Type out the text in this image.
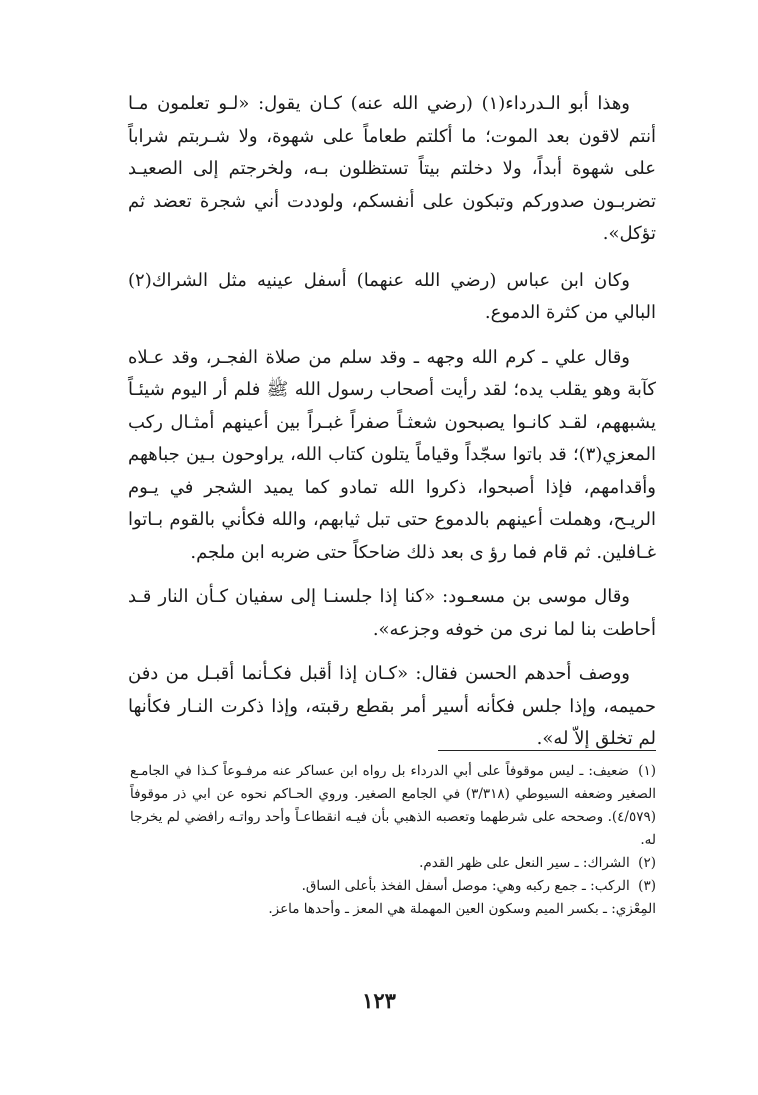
وهذا أبو الـدرداء(١) (رضي الله عنه) كـان يقول: «لـو تعلمون مـا أنتم لاقون بعد الموت؛ ما أكلتم طعاماً على شهوة، ولا شـربتم شراباً على شهوة أبداً، ولا دخلتم بيتاً تستظلون بـه، ولخرجتم إلى الصعيـد تضربـون صدوركم وتبكون على أنفسكم، ولوددت أني شجرة تعضد ثم تؤكل».

وكان ابن عباس (رضي الله عنهما) أسفل عينيه مثل الشراك(٢) البالي من كثرة الدموع.

وقال علي ـ كرم الله وجهه ـ وقد سلم من صلاة الفجـر، وقد عـلاه كآبة وهو يقلب يده؛ لقد رأيت أصحاب رسول الله ﷺ فلم أر اليوم شيئـاً يشبههم، لقـد كانـوا يصبحون شعثـاً صفراً غبـراً بين أعينهم أمثـال ركب المعزي(٣)؛ قد باتوا سجّداً وقياماً يتلون كتاب الله، يراوحون بـين جباههم وأقدامهم، فإذا أصبحوا، ذكروا الله تمادو كما يميد الشجر في يـوم الريـح، وهملت أعينهم بالدموع حتى تبل ثيابهم، والله فكأني بالقوم بـاتوا غـافلين. ثم قام فما رؤ ى بعد ذلك ضاحكاً حتى ضربه ابن ملجم.

وقال موسى بن مسعـود: «كنا إذا جلسنـا إلى سفيان كـأن النار قـد أحاطت بنا لما نرى من خوفه وجزعه».

ووصف أحدهم الحسن فقال: «كـان إذا أقبل فكـأنما أقبـل من دفن حميمه، وإذا جلس فكأنه أسير أمر بقطع رقبته، وإذا ذكرت النـار فكأنها لم تخلق إلاّ له».

(١) ضعيف: ـ ليس موقوفاً على أبي الدرداء بل رواه ابن عساكر عنه مرفـوعاً كـذا في الجامـع الصغير وضعفه السيوطي (٣/٣١٨) في الجامع الصغير. وروي الحـاكم نحوه عن ابي ذر موقوفاً (٤/٥٧٩). وصححه على شرطهما وتعصبه الذهبي بأن فيـه انقطاعـاً وأحد رواتـه رافضي لم يخرجا له.

(٢) الشراك: ـ سير النعل على ظهر القدم.

(٣) الركب: ـ جمع ركبه وهي: موصل أسفل الفخذ بأعلى الساق.

المِعْزي: ـ بكسر الميم وسكون العين المهملة هي المعز ـ وأحدها ماعز.

١٢٣
